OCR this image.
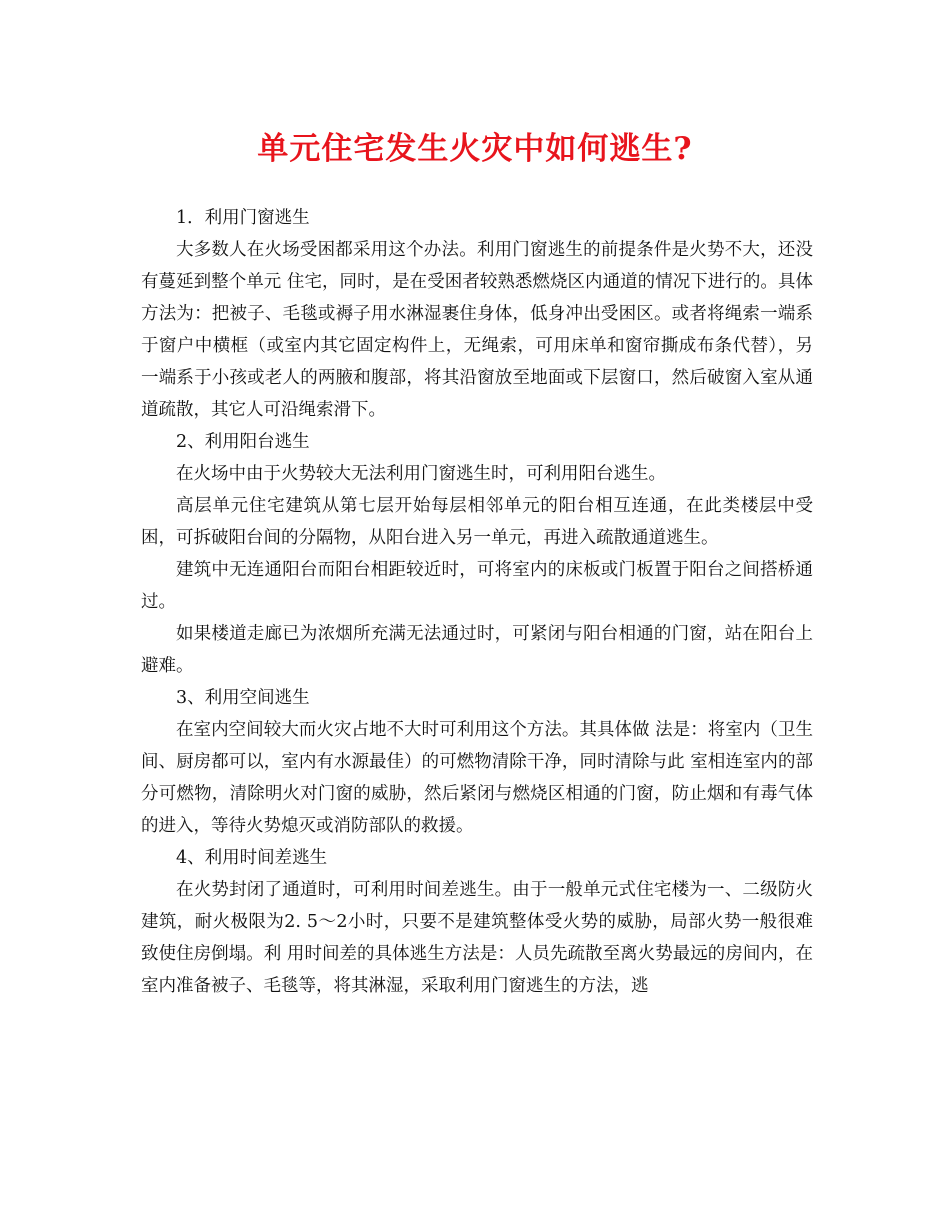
单元住宅发生火灾中如何逃生?

1．利用门窗逃生

大多数人在火场受困都采用这个办法。利用门窗逃生的前提条件是火势不大，还没有蔓延到整个单元 住宅，同时，是在受困者较熟悉燃烧区内通道的情况下进行的。具体方法为：把被子、毛毯或褥子用水淋湿裹住身体，低身冲出受困区。或者将绳索一端系于窗户中横框（或室内其它固定构件上，无绳索，可用床单和窗帘撕成布条代替），另一端系于小孩或老人的两腋和腹部，将其沿窗放至地面或下层窗口，然后破窗入室从通道疏散，其它人可沿绳索滑下。

2、利用阳台逃生

在火场中由于火势较大无法利用门窗逃生时，可利用阳台逃生。

高层单元住宅建筑从第七层开始每层相邻单元的阳台相互连通，在此类楼层中受困，可拆破阳台间的分隔物，从阳台进入另一单元，再进入疏散通道逃生。

建筑中无连通阳台而阳台相距较近时，可将室内的床板或门板置于阳台之间搭桥通过。

如果楼道走廊已为浓烟所充满无法通过时，可紧闭与阳台相通的门窗，站在阳台上避难。

3、利用空间逃生

在室内空间较大而火灾占地不大时可利用这个方法。其具体做 法是：将室内（卫生间、厨房都可以，室内有水源最佳）的可燃物清除干净，同时清除与此 室相连室内的部分可燃物，清除明火对门窗的威胁，然后紧闭与燃烧区相通的门窗，防止烟和有毒气体的进入，等待火势熄灭或消防部队的救援。

4、利用时间差逃生

在火势封闭了通道时，可利用时间差逃生。由于一般单元式住宅楼为一、二级防火建筑，耐火极限为2. 5～2小时，只要不是建筑整体受火势的威胁，局部火势一般很难致使住房倒塌。利 用时间差的具体逃生方法是：人员先疏散至离火势最远的房间内，在室内准备被子、毛毯等，将其淋湿，采取利用门窗逃生的方法，逃
